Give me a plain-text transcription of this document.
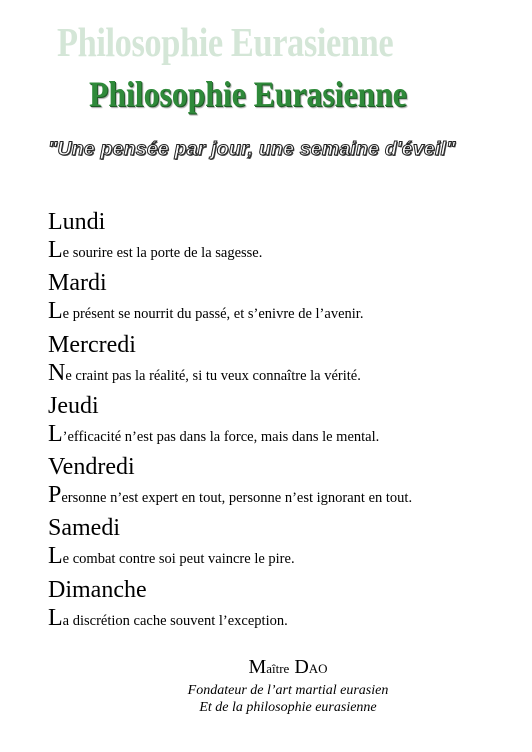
Philosophie Eurasienne
Philosophie Eurasienne
"Une pensée par jour, une semaine d'éveil"
Lundi
Le sourire est la porte de la sagesse.
Mardi
Le présent se nourrit du passé, et s’enivre de l’avenir.
Mercredi
Ne craint pas la réalité, si tu veux connaître la vérité.
Jeudi
L’efficacité n’est pas dans la force, mais dans le mental.
Vendredi
Personne n’est expert en tout, personne n’est ignorant en tout.
Samedi
Le combat contre soi peut vaincre le pire.
Dimanche
La discrétion cache souvent l’exception.
Maître DAO
Fondateur de l’art martial eurasien
Et de la philosophie eurasienne
